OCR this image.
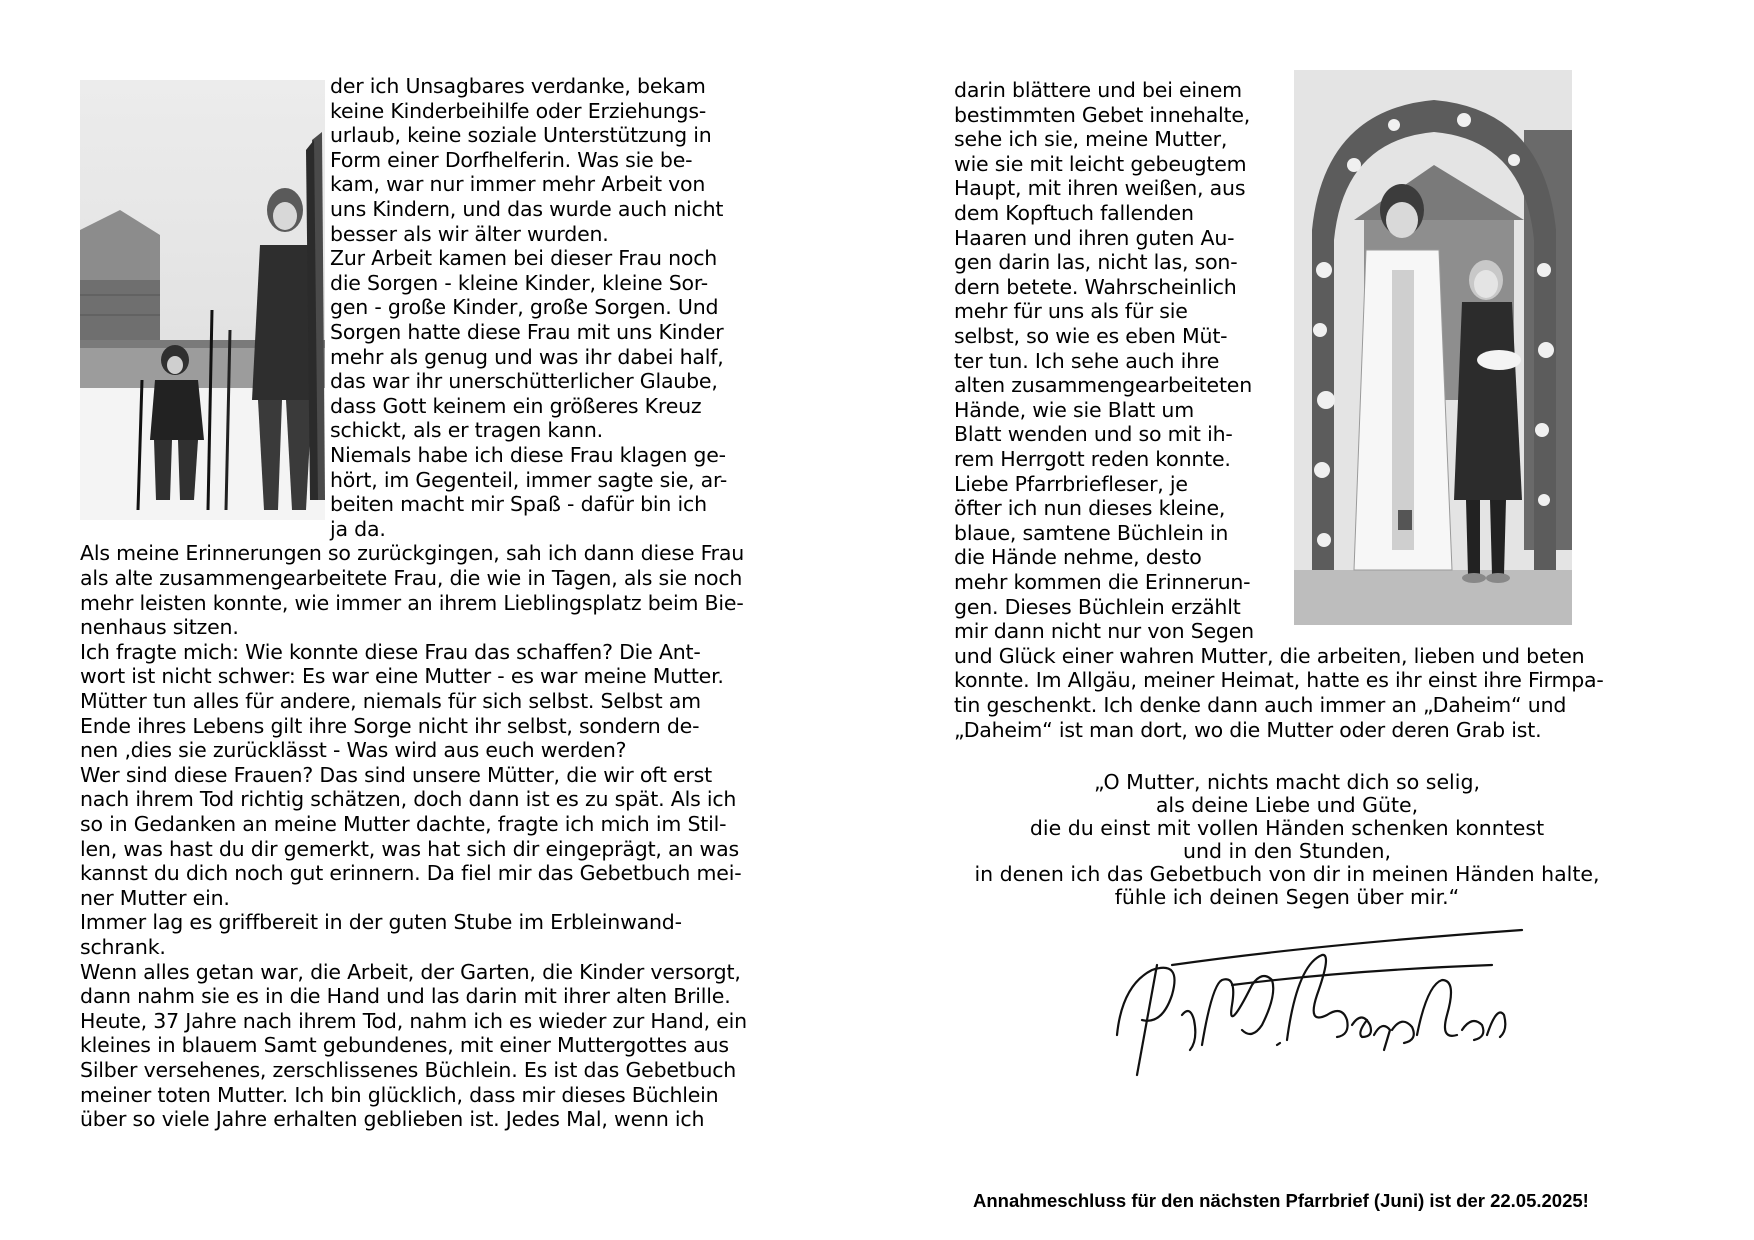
der ich Unsagbares verdanke, bekam
keine Kinderbeihilfe oder Erziehungs-
urlaub, keine soziale Unterstützung in
Form einer Dorfhelferin. Was sie be-
kam, war nur immer mehr Arbeit von
uns Kindern, und das wurde auch nicht
besser als wir älter wurden.
Zur Arbeit kamen bei dieser Frau noch
die Sorgen - kleine Kinder, kleine Sor-
gen - große Kinder, große Sorgen. Und
Sorgen hatte diese Frau mit uns Kinder
mehr als genug und was ihr dabei half,
das war ihr unerschütterlicher Glaube,
dass Gott keinem ein größeres Kreuz
schickt, als er tragen kann.
Niemals habe ich diese Frau klagen ge-
hört, im Gegenteil, immer sagte sie, ar-
beiten macht mir Spaß - dafür bin ich
ja da.
Als meine Erinnerungen so zurückgingen, sah ich dann diese Frau
als alte zusammengearbeitete Frau, die wie in Tagen, als sie noch
mehr leisten konnte, wie immer an ihrem Lieblingsplatz beim Bie-
nenhaus sitzen.
Ich fragte mich: Wie konnte diese Frau das schaffen? Die Ant-
wort ist nicht schwer: Es war eine Mutter - es war meine Mutter.
Mütter tun alles für andere, niemals für sich selbst. Selbst am
Ende ihres Lebens gilt ihre Sorge nicht ihr selbst, sondern de-
nen ‚dies sie zurücklässt - Was wird aus euch werden?
Wer sind diese Frauen? Das sind unsere Mütter, die wir oft erst
nach ihrem Tod richtig schätzen, doch dann ist es zu spät. Als ich
so in Gedanken an meine Mutter dachte, fragte ich mich im Stil-
len, was hast du dir gemerkt, was hat sich dir eingeprägt, an was
kannst du dich noch gut erinnern. Da fiel mir das Gebetbuch mei-
ner Mutter ein.
Immer lag es griffbereit in der guten Stube im Erbleinwand-
schrank.
Wenn alles getan war, die Arbeit, der Garten, die Kinder versorgt,
dann nahm sie es in die Hand und las darin mit ihrer alten Brille.
Heute, 37 Jahre nach ihrem Tod, nahm ich es wieder zur Hand, ein
kleines in blauem Samt gebundenes, mit einer Muttergottes aus
Silber versehenes, zerschlissenes Büchlein. Es ist das Gebetbuch
meiner toten Mutter. Ich bin glücklich, dass mir dieses Büchlein
über so viele Jahre erhalten geblieben ist. Jedes Mal, wenn ich
darin blättere und bei einem
bestimmten Gebet innehalte,
sehe ich sie, meine Mutter,
wie sie mit leicht gebeugtem
Haupt, mit ihren weißen, aus
dem Kopftuch fallenden
Haaren und ihren guten Au-
gen darin las, nicht las, son-
dern betete. Wahrscheinlich
mehr für uns als für sie
selbst, so wie es eben Müt-
ter tun. Ich sehe auch ihre
alten zusammengearbeiteten
Hände, wie sie Blatt um
Blatt wenden und so mit ih-
rem Herrgott reden konnte.
Liebe Pfarrbriefleser, je
öfter ich nun dieses kleine,
blaue, samtene Büchlein in
die Hände nehme, desto
mehr kommen die Erinnerun-
gen. Dieses Büchlein erzählt
mir dann nicht nur von Segen
und Glück einer wahren Mutter, die arbeiten, lieben und beten
konnte. Im Allgäu, meiner Heimat, hatte es ihr einst ihre Firmpa-
tin geschenkt. Ich denke dann auch immer an „Daheim“ und
„Daheim“ ist man dort, wo die Mutter oder deren Grab ist.
„O Mutter, nichts macht dich so selig,
als deine Liebe und Güte,
die du einst mit vollen Händen schenken konntest
und in den Stunden,
in denen ich das Gebetbuch von dir in meinen Händen halte,
fühle ich deinen Segen über mir.“
Annahmeschluss für den nächsten Pfarrbrief (Juni) ist der 22.05.2025!
